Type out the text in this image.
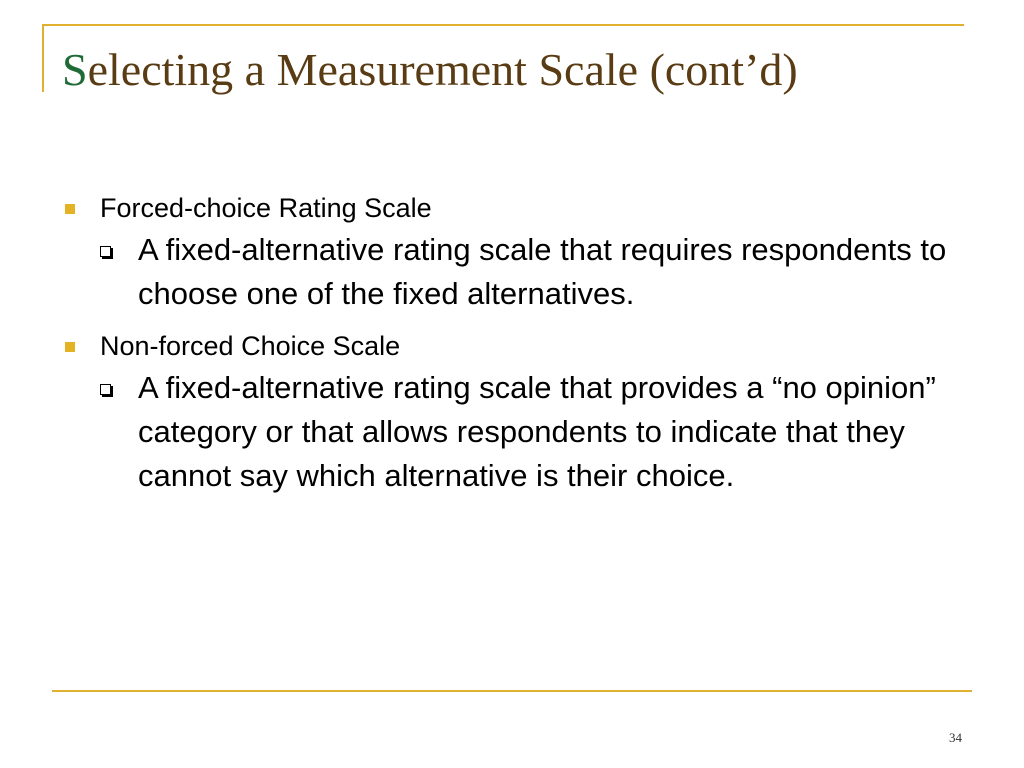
Selecting a Measurement Scale (cont’d)

Forced-choice Rating Scale

A fixed-alternative rating scale that requires respondents to choose one of the fixed alternatives.

Non-forced Choice Scale

A fixed-alternative rating scale that provides a “no opinion” category or that allows respondents to indicate that they cannot say which alternative is their choice.

34
